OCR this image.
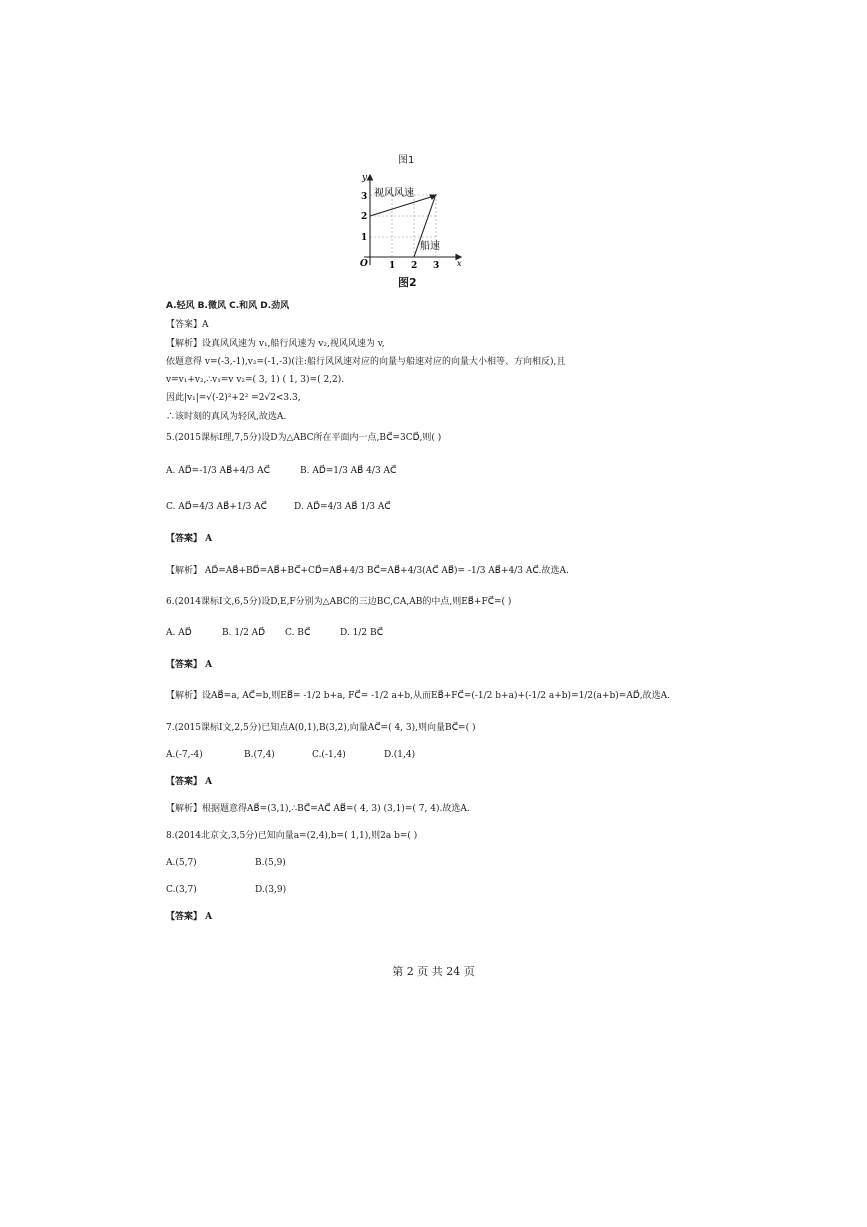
图1
y
x
O 1 2 3
1
2
3 视风风速
船速
图2
A.轻风 B.微风 C.和风 D.劲风
【答案】A
【解析】设真风风速为 v₁,船行风速为 v₂,视风风速为 v,
依题意得 v=(-3,-1),v₂=(-1,-3)(注:船行风风速对应的向量与船速对应的向量大小相等、方向相反),且
v=v₁+v₂,∴v₁=v v₂=( 3, 1) ( 1, 3)=( 2,2).
因此|v₁|=√(-2)²+2² =2√2<3.3,
∴该时刻的真风为轻风,故选A.
5.(2015课标Ⅰ理,7,5分)设D为△ABC所在平面内一点,BC⃗=3CD⃗,则( )
A. AD⃗=-1/3 AB⃗+4/3 AC⃗	B. AD⃗=1/3 AB⃗ 4/3 AC⃗
C. AD⃗=4/3 AB⃗+1/3 AC⃗	D. AD⃗=4/3 AB⃗ 1/3 AC⃗
【答案】 A
【解析】 AD⃗=AB⃗+BD⃗=AB⃗+BC⃗+CD⃗=AB⃗+4/3 BC⃗=AB⃗+4/3(AC⃗ AB⃗)= -1/3 AB⃗+4/3 AC⃗.故选A.
6.(2014课标Ⅰ文,6,5分)设D,E,F分别为△ABC的三边BC,CA,AB的中点,则EB⃗+FC⃗=( )
A. AD⃗	B. 1/2 AD⃗ C. BC⃗	D. 1/2 BC⃗
【答案】 A
【解析】设AB⃗=a, AC⃗=b,则EB⃗= -1/2 b+a, FC⃗= -1/2 a+b,从而EB⃗+FC⃗=(-1/2 b+a)+(-1/2 a+b)=1/2(a+b)=AD⃗,故选A.
7.(2015课标Ⅰ文,2,5分)已知点A(0,1),B(3,2),向量AC⃗=( 4, 3),则向量BC⃗=( )
A.(-7,-4)	B.(7,4)	C.(-1,4)	D.(1,4)
【答案】 A
【解析】根据题意得AB⃗=(3,1),∴BC⃗=AC⃗ AB⃗=( 4, 3) (3,1)=( 7, 4).故选A.
8.(2014北京文,3,5分)已知向量a=(2,4),b=( 1,1),则2a b=( )
A.(5,7)	B.(5,9)
C.(3,7)	D.(3,9)
【答案】 A
第 2 页 共 24 页
